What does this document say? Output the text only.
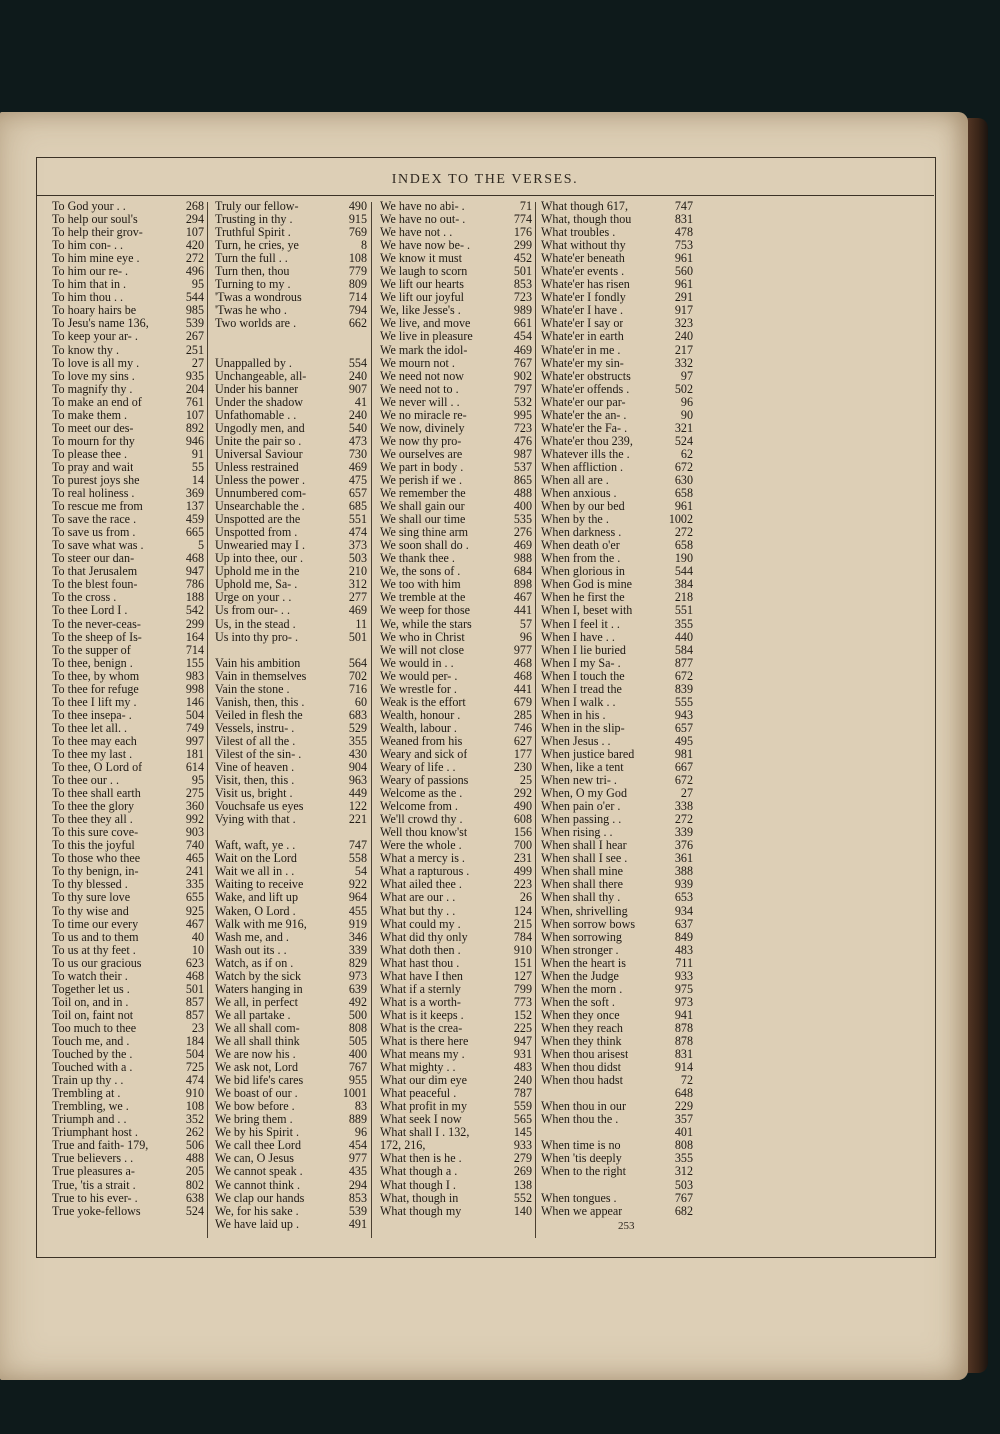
INDEX TO THE VERSES.
To God your . .	268
To help our soul's	294
To help their grov-	107
To him con- . .	420
To him mine eye .	272
To him our re- .	496
To him that in .	95
To him thou . .	544
To hoary hairs be	985
To Jesu's name 136,	539
To keep your ar- .	267
To know thy .	251
To love is all my .	27
To love my sins .	935
To magnify thy .	204
To make an end of	761
To make them .	107
To meet our des-	892
To mourn for thy	946
To please thee .	91
To pray and wait	55
To purest joys she	14
To real holiness .	369
To rescue me from	137
To save the race .	459
To save us from .	665
To save what was .	5
To steer our dan-	468
To that Jerusalem	947
To the blest foun-	786
To the cross .	188
To thee Lord I .	542
To the never-ceas-	299
To the sheep of Is-	164
To the supper of	714
To thee, benign .	155
To thee, by whom	983
To thee for refuge	998
To thee I lift my .	146
To thee insepa- .	504
To thee let all. .	749
To thee may each	997
To thee my last .	181
To thee, O Lord of	614
To thee our . .	95
To thee shall earth	275
To thee the glory	360
To thee they all .	992
To this sure cove-	903
To this the joyful	740
To those who thee	465
To thy benign, in-	241
To thy blessed .	335
To thy sure love	655
To thy wise and	925
To time our every	467
To us and to them	40
To us at thy feet .	10
To us our gracious	623
To watch their .	468
Together let us .	501
Toil on, and in .	857
Toil on, faint not	857
Too much to thee	23
Touch me, and .	184
Touched by the .	504
Touched with a .	725
Train up thy . .	474
Trembling at .	910
Trembling, we .	108
Triumph and . .	352
Triumphant host .	262
True and faith- 179,	506
True believers . .	488
True pleasures a-	205
True, 'tis a strait .	802
True to his ever- .	638
True yoke-fellows	524
Truly our fellow-	490
Trusting in thy .	915
Truthful Spirit .	769
Turn, he cries, ye	8
Turn the full . .	108
Turn then, thou	779
Turning to my .	809
'Twas a wondrous	714
'Twas he who .	794
Two worlds are .	662
Unappalled by .	554
Unchangeable, all-	240
Under his banner	907
Under the shadow	41
Unfathomable . .	240
Ungodly men, and	540
Unite the pair so .	473
Universal Saviour	730
Unless restrained	469
Unless the power .	475
Unnumbered com-	657
Unsearchable the .	685
Unspotted are the	551
Unspotted from .	474
Unwearied may I .	373
Up into thee, our .	503
Uphold me in the	210
Uphold me, Sa- .	312
Urge on your . .	277
Us from our- . .	469
Us, in the stead .	11
Us into thy pro- .	501
Vain his ambition	564
Vain in themselves	702
Vain the stone .	716
Vanish, then, this .	60
Veiled in flesh the	683
Vessels, instru- .	529
Vilest of all the .	355
Vilest of the sin- .	430
Vine of heaven .	904
Visit, then, this .	963
Visit us, bright .	449
Vouchsafe us eyes	122
Vying with that .	221
Waft, waft, ye . .	747
Wait on the Lord	558
Wait we all in . .	54
Waiting to receive	922
Wake, and lift up	964
Waken, O Lord .	455
Walk with me 916,	919
Wash me, and .	346
Wash out its . .	339
Watch, as if on .	829
Watch by the sick	973
Waters hanging in	639
We all, in perfect	492
We all partake .	500
We all shall com-	808
We all shall think	505
We are now his .	400
We ask not, Lord	767
We bid life's cares	955
We boast of our .	1001
We bow before .	83
We bring them .	889
We by his Spirit .	96
We call thee Lord	454
We can, O Jesus	977
We cannot speak .	435
We cannot think .	294
We clap our hands	853
We, for his sake .	539
We have laid up .	491
We have no abi- .	71
We have no out- .	774
We have not . .	176
We have now be- .	299
We know it must	452
We laugh to scorn	501
We lift our hearts	853
We lift our joyful	723
We, like Jesse's .	989
We live, and move	661
We live in pleasure	454
We mark the idol-	469
We mourn not .	767
We need not now	902
We need not to .	797
We never will . .	532
We no miracle re-	995
We now, divinely	723
We now thy pro-	476
We ourselves are	987
We part in body .	537
We perish if we .	865
We remember the	488
We shall gain our	400
We shall our time	535
We sing thine arm	276
We soon shall do .	469
We thank thee .	988
We, the sons of .	684
We too with him	898
We tremble at the	467
We weep for those	441
We, while the stars	57
We who in Christ	96
We will not close	977
We would in . .	468
We would per- .	468
We wrestle for .	441
Weak is the effort	679
Wealth, honour .	285
Wealth, labour .	746
Weaned from his	627
Weary and sick of	177
Weary of life . .	230
Weary of passions	25
Welcome as the .	292
Welcome from .	490
We'll crowd thy .	608
Well thou know'st	156
Were the whole .	700
What a mercy is .	231
What a rapturous .	499
What ailed thee .	223
What are our . .	26
What but thy . .	124
What could my .	215
What did thy only	784
What doth then .	910
What hast thou .	151
What have I then	127
What if a sternly	799
What is a worth-	773
What is it keeps .	152
What is the crea-	225
What is there here	947
What means my .	931
What mighty . .	483
What our dim eye	240
What peaceful .	787
What profit in my	559
What seek I now	565
What shall I . 132,	145
172, 216,	933
What then is he .	279
What though a .	269
What though I .	138
What, though in	552
What though my	140
What though 617,	747
What, though thou	831
What troubles .	478
What without thy	753
Whate'er beneath	961
Whate'er events .	560
Whate'er has risen	961
Whate'er I fondly	291
Whate'er I have .	917
Whate'er I say or	323
Whate'er in earth	240
Whate'er in me .	217
Whate'er my sin-	332
Whate'er obstructs	97
Whate'er offends .	502
Whate'er our par-	96
Whate'er the an- .	90
Whate'er the Fa- .	321
Whate'er thou 239,	524
Whatever ills the .	62
When affliction .	672
When all are .	630
When anxious .	658
When by our bed	961
When by the .	1002
When darkness .	272
When death o'er	658
When from the .	190
When glorious in	544
When God is mine	384
When he first the	218
When I, beset with	551
When I feel it . .	355
When I have . .	440
When I lie buried	584
When I my Sa- .	877
When I touch the	672
When I tread the	839
When I walk . .	555
When in his .	943
When in the slip-	657
When Jesus . .	495
When justice bared	981
When, like a tent	667
When new tri- .	672
When, O my God	27
When pain o'er .	338
When passing . .	272
When rising . .	339
When shall I hear	376
When shall I see .	361
When shall mine	388
When shall there	939
When shall thy .	653
When, shrivelling	934
When sorrow bows	637
When sorrowing	849
When stronger .	483
When the heart is	711
When the Judge	933
When the morn .	975
When the soft .	973
When they once	941
When they reach	878
When they think	878
When thou arisest	831
When thou didst	914
When thou hadst	72
648
When thou in our	229
When thou the .	357
401
When time is no	808
When 'tis deeply	355
When to the right	312
503
When tongues .	767
When we appear	682
253
